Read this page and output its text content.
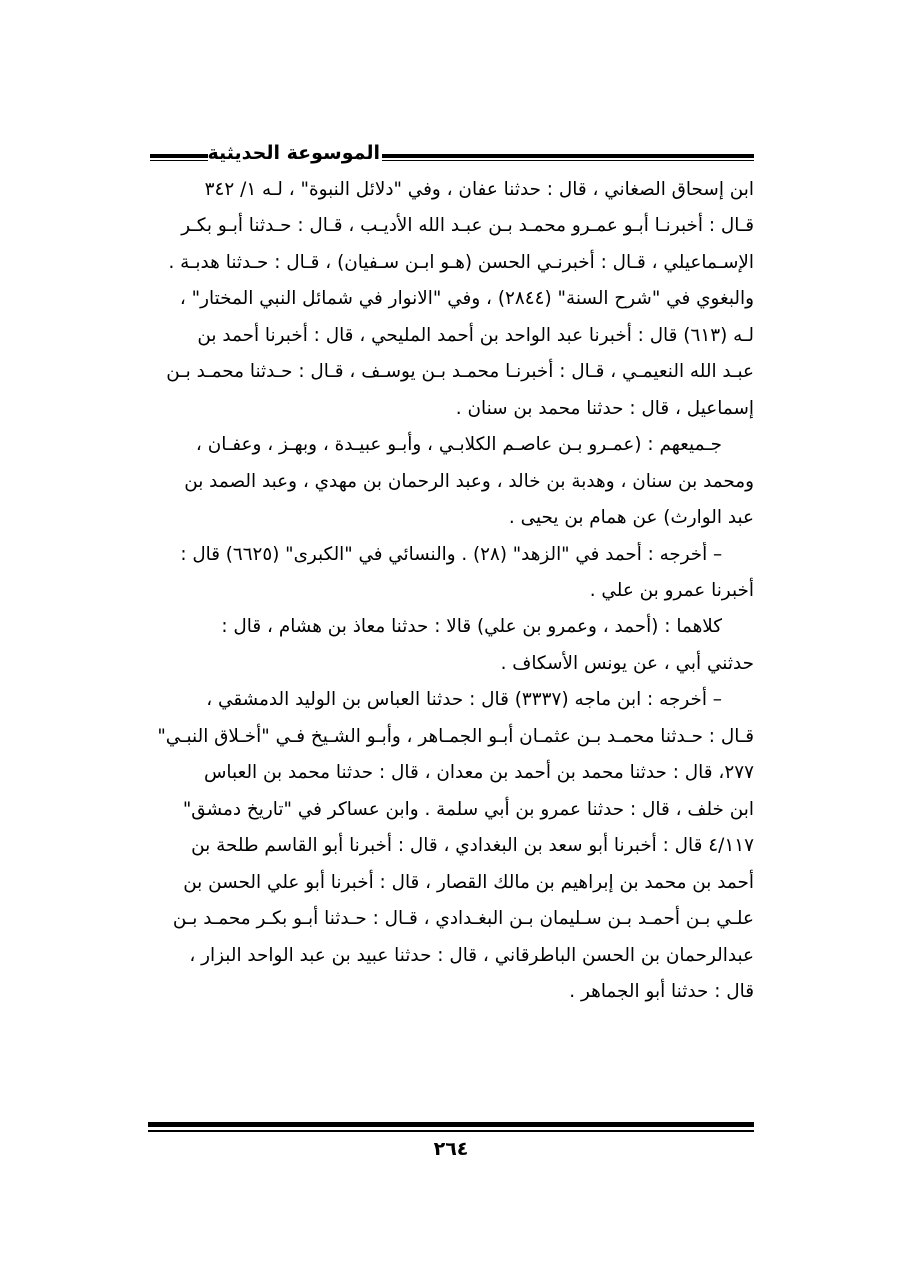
الموسوعة الحديثية

ابن إسحاق الصغاني ، قال : حدثنا عفان ، وفي "دلائل النبوة" ، لـه ١/ ٣٤٢
قـال : أخبرنـا أبـو عمـرو محمـد بـن عبـد الله الأديـب ، قـال : حـدثنا أبـو بكـر
الإسـماعيلي ، قـال : أخبرنـي الحسن (هـو ابـن سـفيان) ، قـال : حـدثنا هدبـة .
والبغوي في "شرح السنة" (٢٨٤٤) ، وفي "الانوار في شمائل النبي المختار" ،
لـه (٦١٣) قال : أخبرنا عبد الواحد بن أحمد المليحي ، قال : أخبرنا أحمد بن
عبـد الله النعيمـي ، قـال : أخبرنـا محمـد بـن يوسـف ، قـال : حـدثنا محمـد بـن
إسماعيل ، قال : حدثنا محمد بن سنان .

جـميعهم : (عمـرو بـن عاصـم الكلابـي ، وأبـو عبيـدة ، وبهـز ، وعفـان ،

ومحمد بن سنان ، وهدبة بن خالد ، وعبد الرحمان بن مهدي ، وعبد الصمد بن
عبد الوارث) عن همام بن يحيى .

– أخرجه : أحمد في "الزهد" (٢٨) . والنسائي في "الكبرى" (٦٦٢٥) قال :

أخبرنا عمرو بن علي .

كلاهما : (أحمد ، وعمرو بن علي) قالا : حدثنا معاذ بن هشام ، قال :

حدثني أبي ، عن يونس الأسكاف .

– أخرجه : ابن ماجه (٣٣٣٧) قال : حدثنا العباس بن الوليد الدمشقي ،

قـال : حـدثنا محمـد بـن عثمـان أبـو الجمـاهر ، وأبـو الشـيخ فـي "أخـلاق النبـي"
٢٧٧، قال : حدثنا محمد بن أحمد بن معدان ، قال : حدثنا محمد بن العباس
ابن خلف ، قال : حدثنا عمرو بن أبي سلمة . وابن عساكر في "تاريخ دمشق"
٤/١١٧ قال : أخبرنا أبو سعد بن البغدادي ، قال : أخبرنا أبو القاسم طلحة بن
أحمد بن محمد بن إبراهيم بن مالك القصار ، قال : أخبرنا أبو علي الحسن بن
علـي بـن أحمـد بـن سـليمان بـن البغـدادي ، قـال : حـدثنا أبـو بكـر محمـد بـن
عبدالرحمان بن الحسن الباطرقاني ، قال : حدثنا عبيد بن عبد الواحد البزار ،
قال : حدثنا أبو الجماهر .

٢٦٤
